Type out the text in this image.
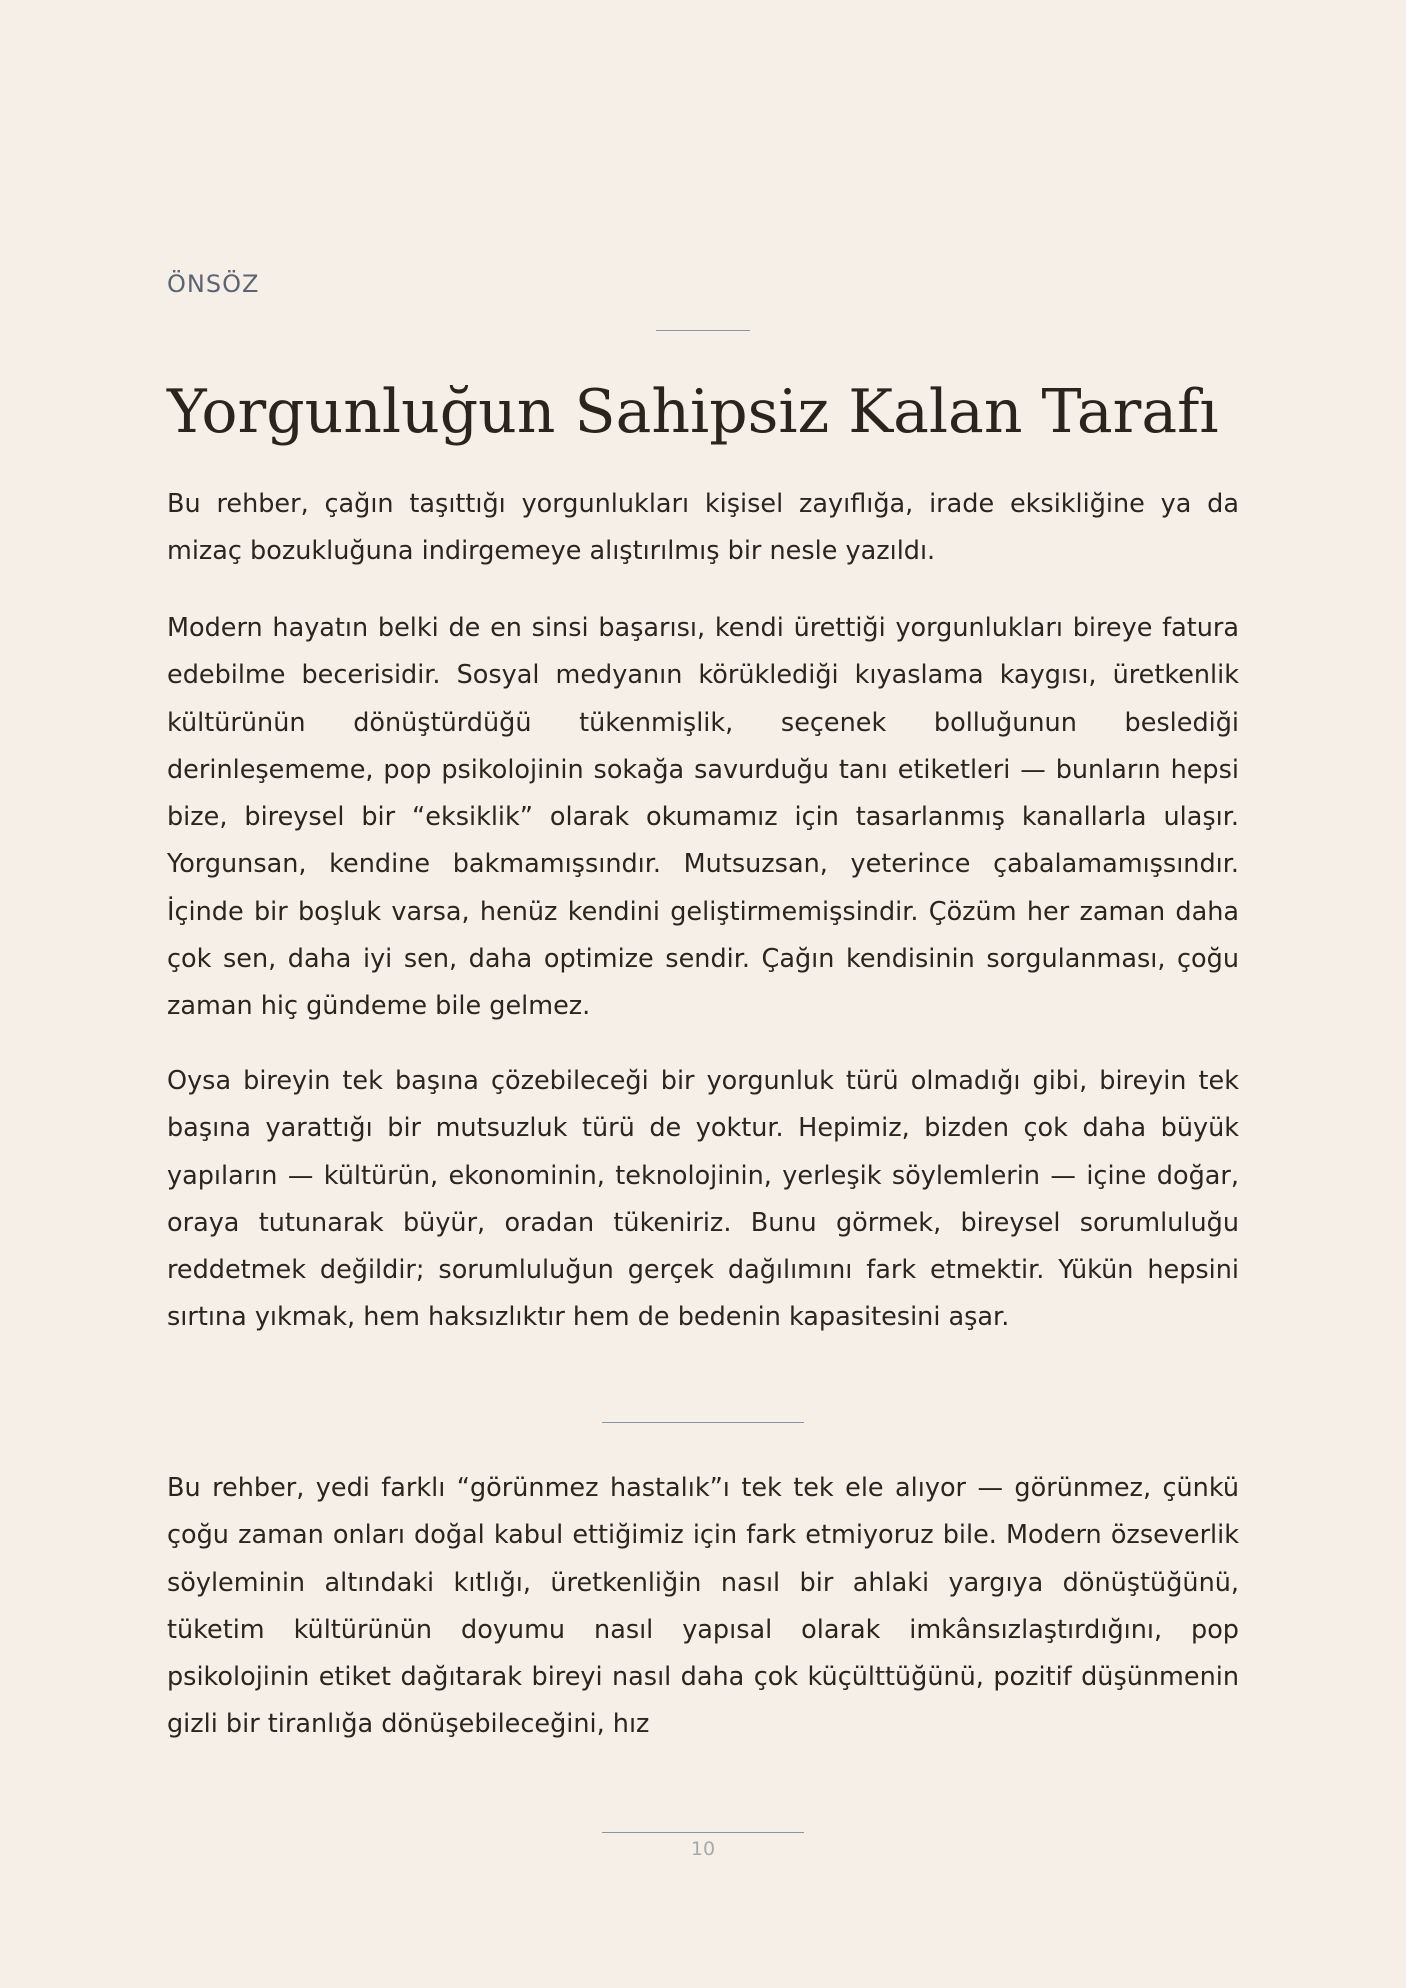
ÖNSÖZ
Yorgunluğun Sahipsiz Kalan Tarafı

Bu rehber, çağın taşıttığı yorgunlukları kişisel zayıflığa, irade eksikliğine ya da mizaç bozukluğuna indirgemeye alıştırılmış bir nesle yazıldı.

Modern hayatın belki de en sinsi başarısı, kendi ürettiği yorgunlukları bireye fatura edebilme becerisidir. Sosyal medyanın körüklediği kıyaslama kaygısı, üretkenlik kültürünün dönüştürdüğü tükenmişlik, seçenek bolluğunun beslediği derinleşememe, pop psikolojinin sokağa savurduğu tanı etiketleri — bunların hepsi bize, bireysel bir “eksiklik” olarak okumamız için tasarlanmış kanallarla ulaşır. Yorgunsan, kendine bakmamışsındır. Mutsuzsan, yeterince çabalamamışsındır. İçinde bir boşluk varsa, henüz kendini geliştirmemişsindir. Çözüm her zaman daha çok sen, daha iyi sen, daha optimize sendir. Çağın kendisinin sorgulanması, çoğu zaman hiç gündeme bile gelmez.

Oysa bireyin tek başına çözebileceği bir yorgunluk türü olmadığı gibi, bireyin tek başına yarattığı bir mutsuzluk türü de yoktur. Hepimiz, bizden çok daha büyük yapıların — kültürün, ekonominin, teknolojinin, yerleşik söylemlerin — içine doğar, oraya tutunarak büyür, oradan tükeniriz. Bunu görmek, bireysel sorumluluğu reddetmek değildir; sorumluluğun gerçek dağılımını fark etmektir. Yükün hepsini sırtına yıkmak, hem haksızlıktır hem de bedenin kapasitesini aşar.

Bu rehber, yedi farklı “görünmez hastalık”ı tek tek ele alıyor — görünmez, çünkü çoğu zaman onları doğal kabul ettiğimiz için fark etmiyoruz bile. Modern özseverlik söyleminin altındaki kıtlığı, üretkenliğin nasıl bir ahlaki yargıya dönüştüğünü, tüketim kültürünün doyumu nasıl yapısal olarak imkânsızlaştırdığını, pop psikolojinin etiket dağıtarak bireyi nasıl daha çok küçülttüğünü, pozitif düşünmenin gizli bir tiranlığa dönüşebileceğini, hız

10
